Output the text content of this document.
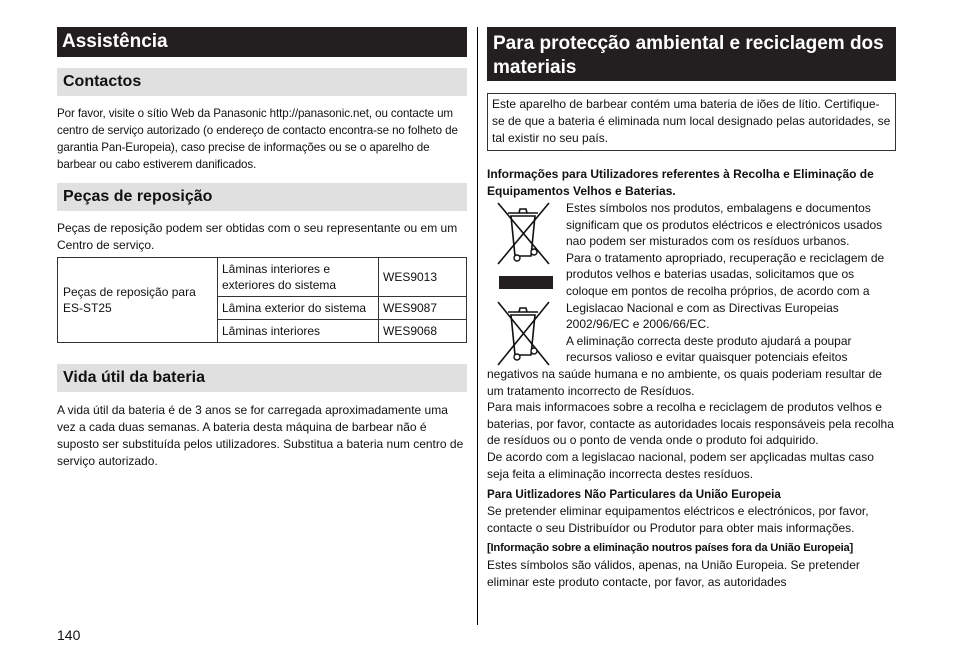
Assistência
Contactos

Por favor, visite o sítio Web da Panasonic http://panasonic.net, ou contacte um centro de serviço autorizado (o endereço de contacto encontra-se no folheto de garantia Pan-Europeia), caso precise de informações ou se o aparelho de barbear ou cabo estiverem danificados.

Peças de reposição

Peças de reposição podem ser obtidas com o seu representante ou em um Centro de serviço.

Peças de reposição para ES-ST25	Lâminas interiores e exteriores do sistema	WES9013
	Lâmina exterior do sistema	WES9087
	Lâminas interiores	WES9068
Vida útil da bateria

A vida útil da bateria é de 3 anos se for carregada aproximadamente uma vez a cada duas semanas. A bateria desta máquina de barbear não é suposto ser substituída pelos utilizadores. Substitua a bateria num centro de serviço autorizado.

Para protecção ambiental e reciclagem dos materiais
Este aparelho de barbear contém uma bateria de iões de lítio. Certifique-se de que a bateria é eliminada num local designado pelas autoridades, se tal existir no seu país.
Informações para Utilizadores referentes à Recolha e Eliminação de Equipamentos Velhos e Baterias.
Estes símbolos nos produtos, embalagens e documentos significam que os produtos eléctricos e electrónicos usados nao podem ser misturados com os resíduos urbanos.
Para o tratamento apropriado, recuperação e reciclagem de produtos velhos e baterias usadas, solicitamos que os coloque em pontos de recolha próprios, de acordo com a Legislacao Nacional e com as Directivas Europeias 2002/96/EC e 2006/66/EC.
A eliminação correcta deste produto ajudará a poupar recursos valioso e evitar quaisquer potenciais efeitos
negativos na saúde humana e no ambiente, os quais poderiam resultar de um tratamento incorrecto de Resíduos.
Para mais informacoes sobre a recolha e reciclagem de produtos velhos e baterias, por favor, contacte as autoridades locais responsáveis pela recolha de resíduos ou o ponto de venda onde o produto foi adquirido.
De acordo com a legislacao nacional, podem ser apçlicadas multas caso seja feita a eliminação incorrecta destes resíduos.
Para Uitlizadores Não Particulares da União Europeia
Se pretender eliminar equipamentos eléctricos e electrónicos, por favor, contacte o seu Distribuídor ou Produtor para obter mais informações.
[Informação sobre a eliminação noutros países fora da União Europeia]
Estes símbolos são válidos, apenas, na União Europeia. Se pretender eliminar este produto contacte, por favor, as autoridades
140
